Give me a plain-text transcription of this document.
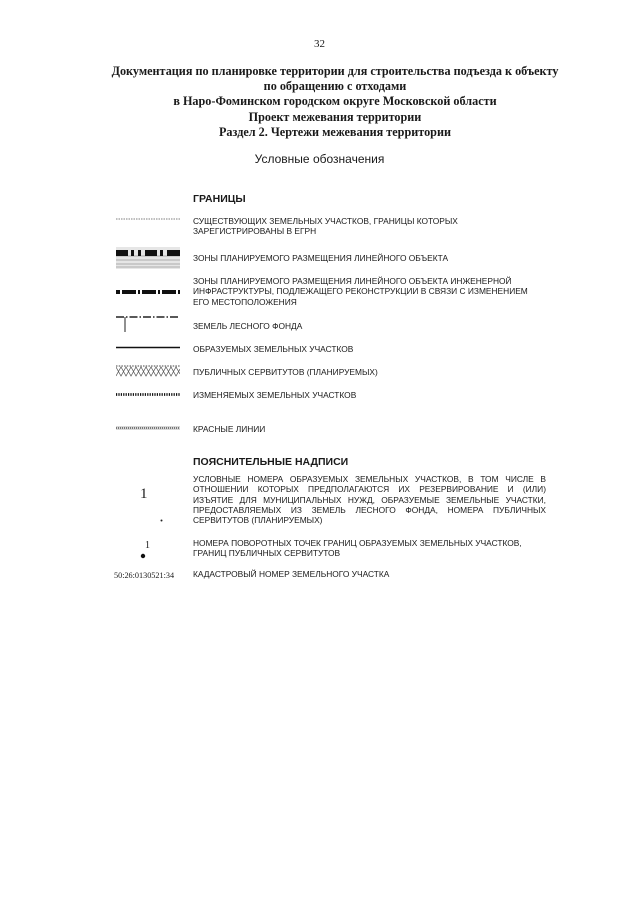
32
Документация по планировке территории для строительства подъезда к объекту
по обращению с отходами
в Наро-Фоминском городском округе Московской области
Проект межевания территории
Раздел 2. Чертежи межевания территории
Условные обозначения
ГРАНИЦЫ
СУЩЕСТВУЮЩИХ ЗЕМЕЛЬНЫХ УЧАСТКОВ, ГРАНИЦЫ КОТОРЫХ ЗАРЕГИСТРИРОВАНЫ В ЕГРН
ЗОНЫ ПЛАНИРУЕМОГО РАЗМЕЩЕНИЯ ЛИНЕЙНОГО ОБЪЕКТА
ЗОНЫ ПЛАНИРУЕМОГО РАЗМЕЩЕНИЯ ЛИНЕЙНОГО ОБЪЕКТА ИНЖЕНЕРНОЙ ИНФРАСТРУКТУРЫ, ПОДЛЕЖАЩЕГО РЕКОНСТРУКЦИИ В СВЯЗИ С ИЗМЕНЕНИЕМ ЕГО МЕСТОПОЛОЖЕНИЯ
ЗЕМЕЛЬ ЛЕСНОГО ФОНДА
ОБРАЗУЕМЫХ ЗЕМЕЛЬНЫХ УЧАСТКОВ
ПУБЛИЧНЫХ СЕРВИТУТОВ (ПЛАНИРУЕМЫХ)
ИЗМЕНЯЕМЫХ ЗЕМЕЛЬНЫХ УЧАСТКОВ
КРАСНЫЕ ЛИНИИ
ПОЯСНИТЕЛЬНЫЕ НАДПИСИ
1
УСЛОВНЫЕ НОМЕРА ОБРАЗУЕМЫХ ЗЕМЕЛЬНЫХ УЧАСТКОВ, В ТОМ ЧИСЛЕ В ОТНОШЕНИИ КОТОРЫХ ПРЕДПОЛАГАЮТСЯ ИХ РЕЗЕРВИРОВАНИЕ И (ИЛИ) ИЗЪЯТИЕ ДЛЯ МУНИЦИПАЛЬНЫХ НУЖД, ОБРАЗУЕМЫЕ ЗЕМЕЛЬНЫЕ УЧАСТКИ, ПРЕДОСТАВЛЯЕМЫХ ИЗ ЗЕМЕЛЬ ЛЕСНОГО ФОНДА, НОМЕРА ПУБЛИЧНЫХ СЕРВИТУТОВ (ПЛАНИРУЕМЫХ)
1	НОМЕРА ПОВОРОТНЫХ ТОЧЕК ГРАНИЦ ОБРАЗУЕМЫХ ЗЕМЕЛЬНЫХ УЧАСТКОВ, ГРАНИЦ ПУБЛИЧНЫХ СЕРВИТУТОВ
50:26:0130521:34 КАДАСТРОВЫЙ НОМЕР ЗЕМЕЛЬНОГО УЧАСТКА
